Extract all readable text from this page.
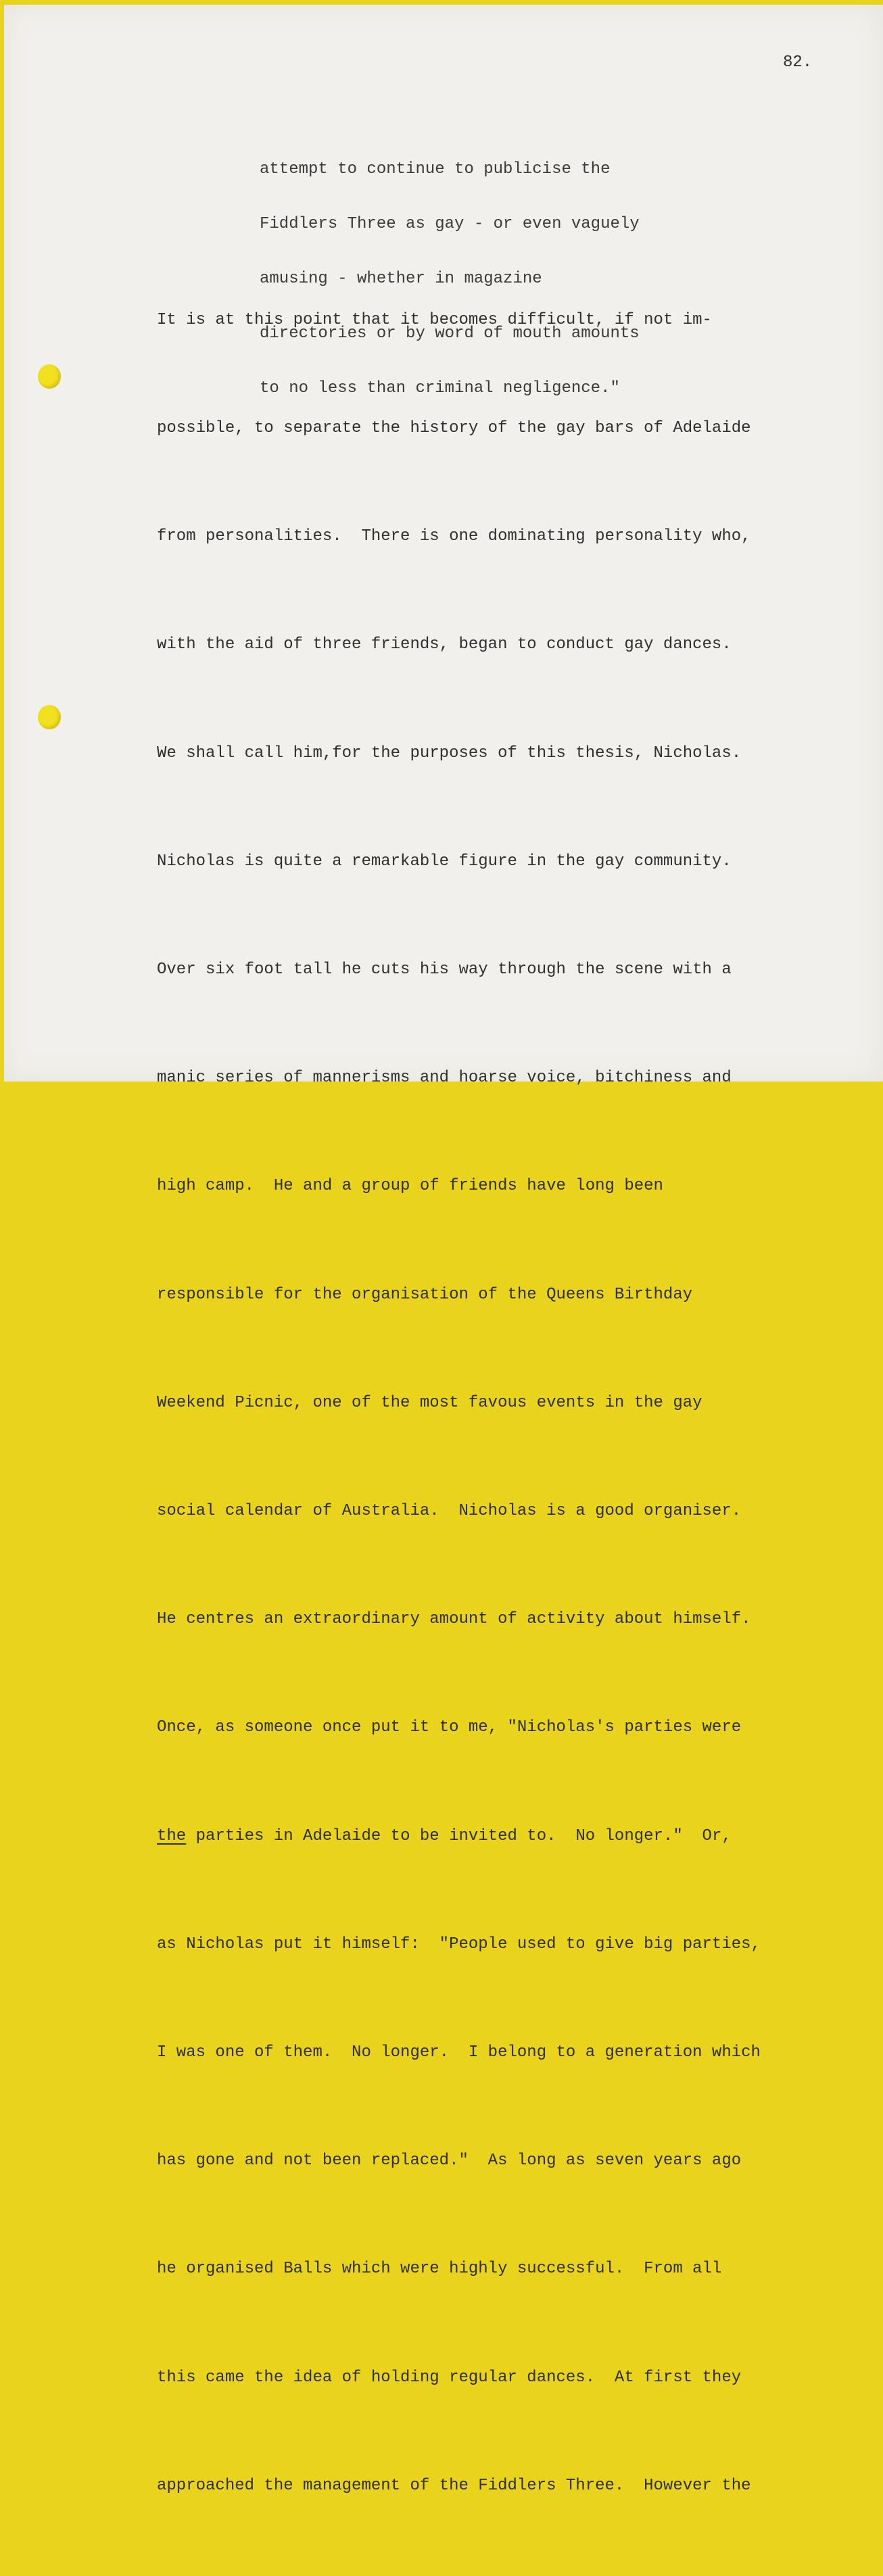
82.

attempt to continue to publicise the

Fiddlers Three as gay - or even vaguely

amusing - whether in magazine

directories or by word of mouth amounts

to no less than criminal negligence."

It is at this point that it becomes difficult, if not im-

possible, to separate the history of the gay bars of Adelaide

from personalities.  There is one dominating personality who,

with the aid of three friends, began to conduct gay dances.

We shall call him,for the purposes of this thesis, Nicholas.

Nicholas is quite a remarkable figure in the gay community.

Over six foot tall he cuts his way through the scene with a

manic series of mannerisms and hoarse voice, bitchiness and

high camp.  He and a group of friends have long been

responsible for the organisation of the Queens Birthday

Weekend Picnic, one of the most favous events in the gay

social calendar of Australia.  Nicholas is a good organiser.

He centres an extraordinary amount of activity about himself.

Once, as someone once put it to me, "Nicholas's parties were

the parties in Adelaide to be invited to.  No longer."  Or,

as Nicholas put it himself:  "People used to give big parties,

I was one of them.  No longer.  I belong to a generation which

has gone and not been replaced."  As long as seven years ago

he organised Balls which were highly successful.  From all

this came the idea of holding regular dances.  At first they

approached the management of the Fiddlers Three.  However the
